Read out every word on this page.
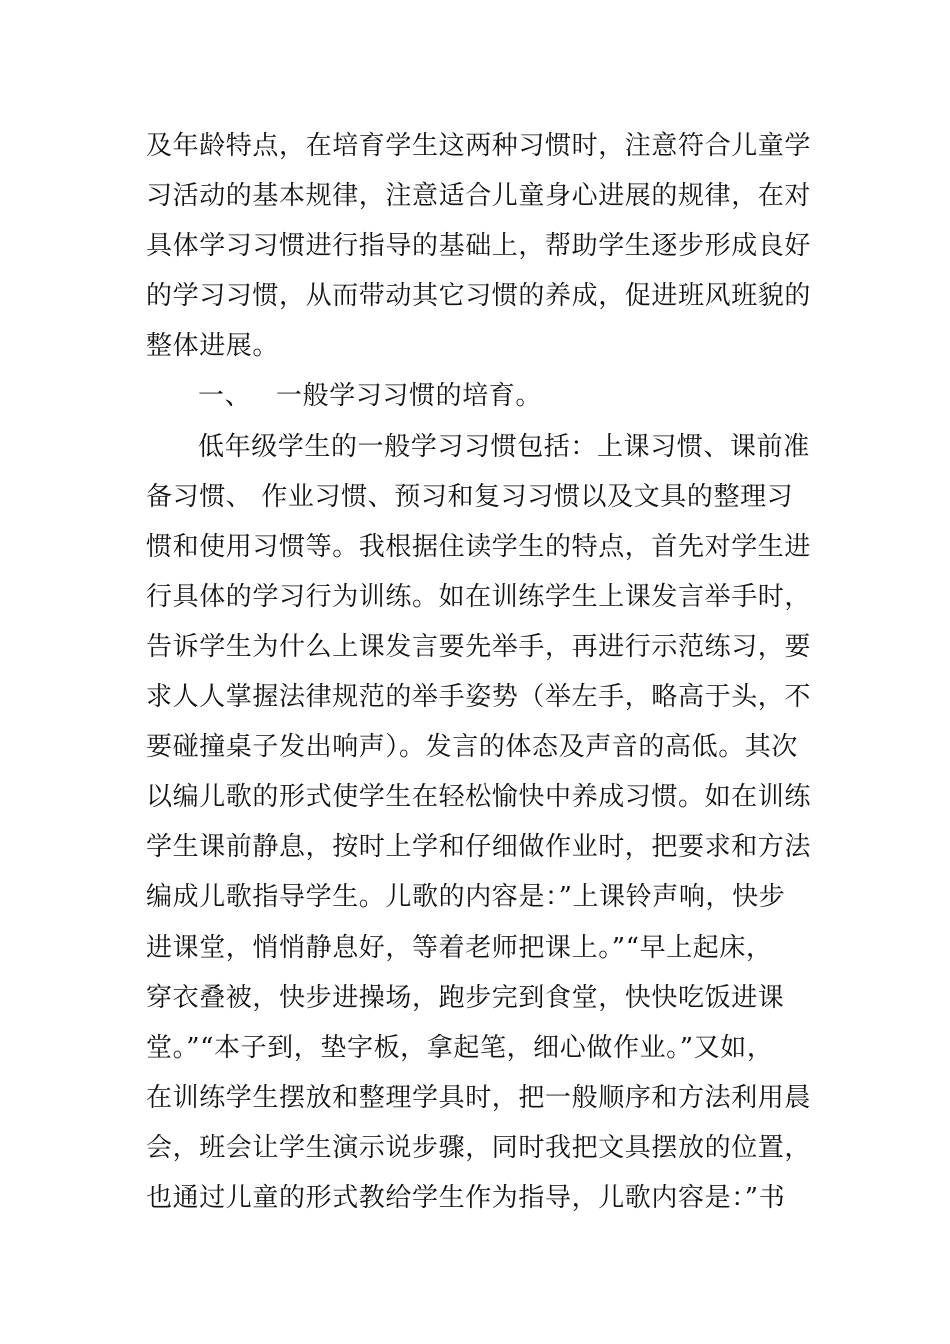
及年龄特点，在培育学生这两种习惯时，注意符合儿童学
习活动的基本规律，注意适合儿童身心进展的规律，在对
具体学习习惯进行指导的基础上，帮助学生逐步形成良好
的学习习惯，从而带动其它习惯的养成，促进班风班貌的
整体进展。
一、 一般学习习惯的培育。
低年级学生的一般学习习惯包括：上课习惯、课前准
备习惯、 作业习惯、预习和复习习惯以及文具的整理习
惯和使用习惯等。我根据住读学生的特点，首先对学生进
行具体的学习行为训练。如在训练学生上课发言举手时，
告诉学生为什么上课发言要先举手，再进行示范练习，要
求人人掌握法律规范的举手姿势（举左手，略高于头，不
要碰撞桌子发出响声）。发言的体态及声音的高低。其次
以编儿歌的形式使学生在轻松愉快中养成习惯。如在训练
学生课前静息，按时上学和仔细做作业时，把要求和方法
编成儿歌指导学生。儿歌的内容是：”上课铃声响，快步
进课堂，悄悄静息好，等着老师把课上。”“早上起床，
穿衣叠被，快步进操场，跑步完到食堂，快快吃饭进课
堂。”“本子到，垫字板，拿起笔，细心做作业。”又如，
在训练学生摆放和整理学具时，把一般顺序和方法利用晨
会，班会让学生演示说步骤，同时我把文具摆放的位置，
也通过儿童的形式教给学生作为指导，儿歌内容是：”书
